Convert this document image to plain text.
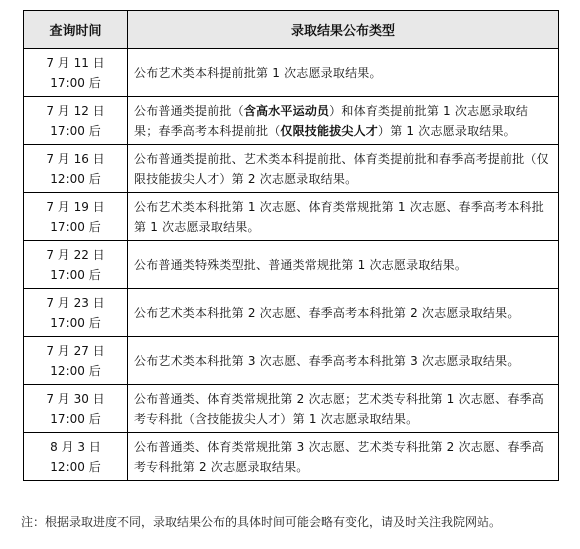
查询时间	录取结果公布类型

7 月 11 日
17:00 后	公布艺术类本科提前批第 1 次志愿录取结果。

7 月 12 日
17:00 后	公布普通类提前批（含高水平运动员）和体育类提前批第 1 次志愿录取结果；春季高考本科提前批（仅限技能拔尖人才）第 1 次志愿录取结果。

7 月 16 日
12:00 后	公布普通类提前批、艺术类本科提前批、体育类提前批和春季高考提前批（仅限技能拔尖人才）第 2 次志愿录取结果。

7 月 19 日
17:00 后	公布艺术类本科批第 1 次志愿、体育类常规批第 1 次志愿、春季高考本科批第 1 次志愿录取结果。

7 月 22 日
17:00 后	公布普通类特殊类型批、普通类常规批第 1 次志愿录取结果。

7 月 23 日
17:00 后	公布艺术类本科批第 2 次志愿、春季高考本科批第 2 次志愿录取结果。

7 月 27 日
12:00 后	公布艺术类本科批第 3 次志愿、春季高考本科批第 3 次志愿录取结果。

7 月 30 日
17:00 后	公布普通类、体育类常规批第 2 次志愿；艺术类专科批第 1 次志愿、春季高考专科批（含技能拔尖人才）第 1 次志愿录取结果。

8 月 3 日
12:00 后	公布普通类、体育类常规批第 3 次志愿、艺术类专科批第 2 次志愿、春季高考专科批第 2 次志愿录取结果。
注：根据录取进度不同，录取结果公布的具体时间可能会略有变化，请及时关注我院网站。
